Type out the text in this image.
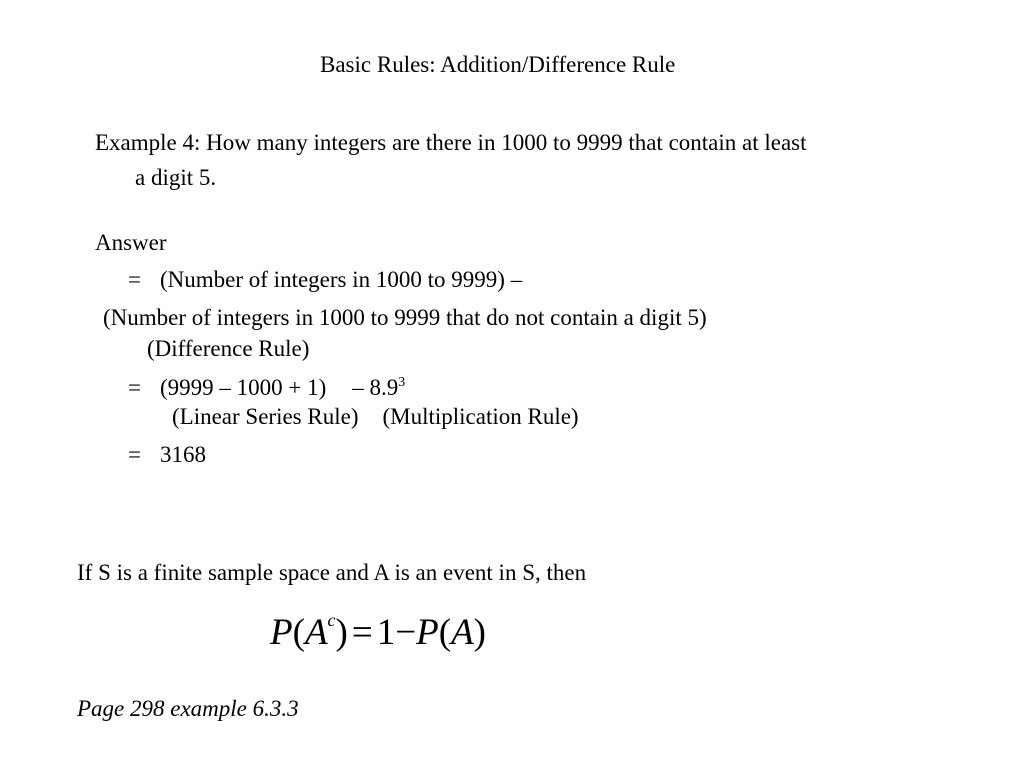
Basic Rules: Addition/Difference Rule
Example 4: How many integers are there in 1000 to 9999 that contain at least
a digit 5.
Answer
= (Number of integers in 1000 to 9999) –
(Number of integers in 1000 to 9999 that do not contain a digit 5)
(Difference Rule)
= $(9999 - 1000 + 1) - 8.9^3$
(Linear Series Rule) (Multiplication Rule)
= 3168
If S is a finite sample space and A is an event in S, then
$P(A^c) = 1-P(A)$
Page 298 example 6.3.3
